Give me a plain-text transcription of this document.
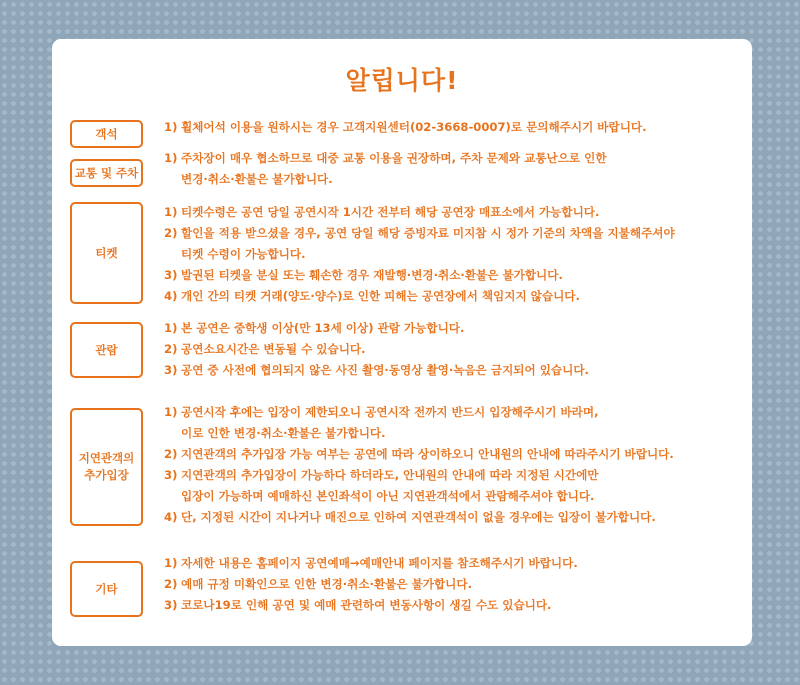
알립니다!
객석	1) 휠체어석 이용을 원하시는 경우 고객지원센터(02-3668-0007)로 문의해주시기 바랍니다.
교통 및 주차
1) 주차장이 매우 협소하므로 대중 교통 이용을 권장하며, 주차 문제와 교통난으로 인한
변경·취소·환불은 불가합니다.
티켓
1) 티켓수령은 공연 당일 공연시작 1시간 전부터 해당 공연장 매표소에서 가능합니다.
2) 할인을 적용 받으셨을 경우, 공연 당일 해당 증빙자료 미지참 시 정가 기준의 차액을 지불해주셔야
티켓 수령이 가능합니다.
3) 발권된 티켓을 분실 또는 훼손한 경우 재발행·변경·취소·환불은 불가합니다.
4) 개인 간의 티켓 거래(양도·양수)로 인한 피해는 공연장에서 책임지지 않습니다.
관람
1) 본 공연은 중학생 이상(만 13세 이상) 관람 가능합니다.
2) 공연소요시간은 변동될 수 있습니다.
3) 공연 중 사전에 협의되지 않은 사진 촬영·동영상 촬영·녹음은 금지되어 있습니다.
지연관객의
추가입장
1) 공연시작 후에는 입장이 제한되오니 공연시작 전까지 반드시 입장해주시기 바라며,
이로 인한 변경·취소·환불은 불가합니다.
2) 지연관객의 추가입장 가능 여부는 공연에 따라 상이하오니 안내원의 안내에 따라주시기 바랍니다.
3) 지연관객의 추가입장이 가능하다 하더라도, 안내원의 안내에 따라 지정된 시간에만
입장이 가능하며 예매하신 본인좌석이 아닌 지연관객석에서 관람해주셔야 합니다.
4) 단, 지정된 시간이 지나거나 매진으로 인하여 지연관객석이 없을 경우에는 입장이 불가합니다.
기타
1) 자세한 내용은 홈페이지 공연예매→예매안내 페이지를 참조해주시기 바랍니다.
2) 예매 규정 미확인으로 인한 변경·취소·환불은 불가합니다.
3) 코로나19로 인해 공연 및 예매 관련하여 변동사항이 생길 수도 있습니다.
